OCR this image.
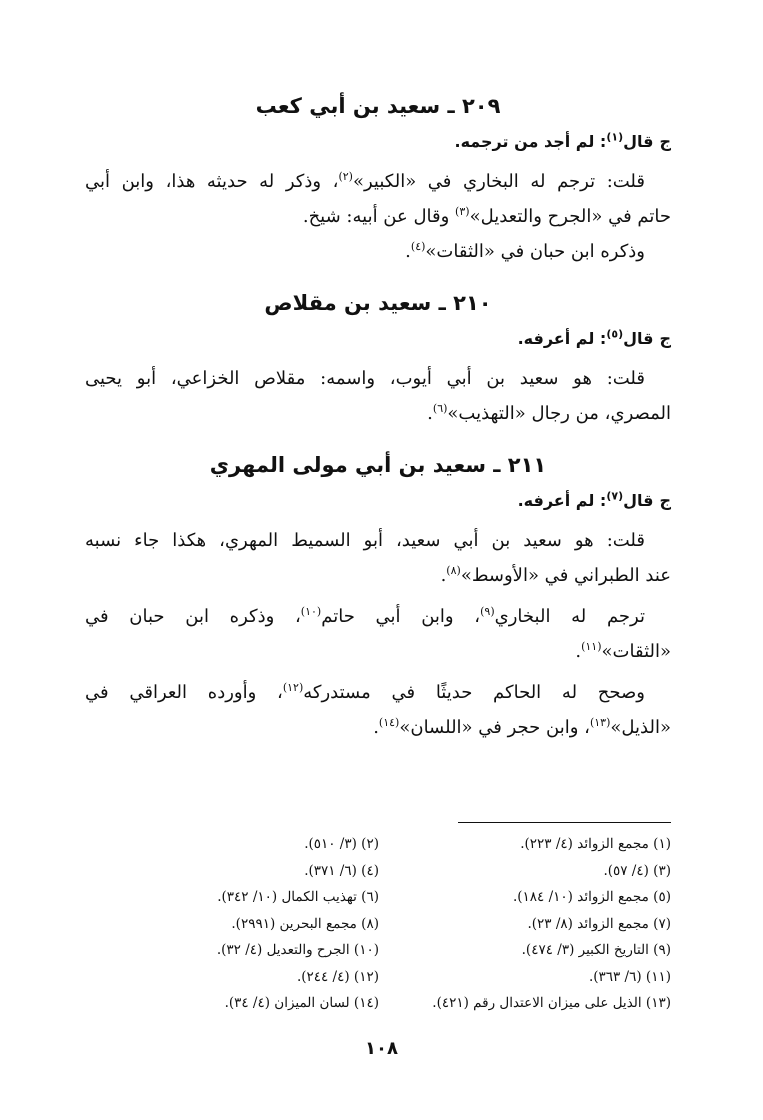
٢٠٩ ـ سعيد بن أبي كعب
جقال$^{(١)}$: لم أجد من ترجمه.

قلت: ترجم له البخاري في «الكبير»$^{(٢)}$، وذكر له حديثه هذا، وابن أبي
حاتم في «الجرح والتعديل»$^{(٣)}$ وقال عن أبيه: شيخ.
وذكره ابن حبان في «الثقات»$^{(٤)}$.

٢١٠ ـ سعيد بن مقلاص
جقال$^{(٥)}$: لم أعرفه.

قلت: هو سعيد بن أبي أيوب، واسمه: مقلاص الخزاعي، أبو يحيى
المصري، من رجال «التهذيب»$^{(٦)}$.

٢١١ ـ سعيد بن أبي مولى المهري
جقال$^{(٧)}$: لم أعرفه.

قلت: هو سعيد بن أبي سعيد، أبو السميط المهري، هكذا جاء نسبه
عند الطبراني في «الأوسط»$^{(٨)}$.

ترجم له البخاري$^{(٩)}$، وابن أبي حاتم$^{(١٠)}$، وذكره ابن حبان في
«الثقات»$^{(١١)}$.

وصحح له الحاكم حديثًا في مستدركه$^{(١٢)}$، وأورده العراقي في
«الذيل»$^{(١٣)}$، وابن حجر في «اللسان»$^{(١٤)}$.

(١) مجمع الزوائد (٤/ ٢٢٣).
(٢) (٣/ ٥١٠).
(٣) (٤/ ٥٧).
(٤) (٦/ ٣٧١).
(٥) مجمع الزوائد (١٠/ ١٨٤).
(٦) تهذيب الكمال (١٠/ ٣٤٢).
(٧) مجمع الزوائد (٨/ ٢٣).
(٨) مجمع البحرين (٢٩٩١).
(٩) التاريخ الكبير (٣/ ٤٧٤).
(١٠) الجرح والتعديل (٤/ ٣٢).
(١١) (٦/ ٣٦٣).
(١٢) (٤/ ٢٤٤).
(١٣) الذيل على ميزان الاعتدال رقم (٤٢١).
(١٤) لسان الميزان (٤/ ٣٤).
١٠٨
